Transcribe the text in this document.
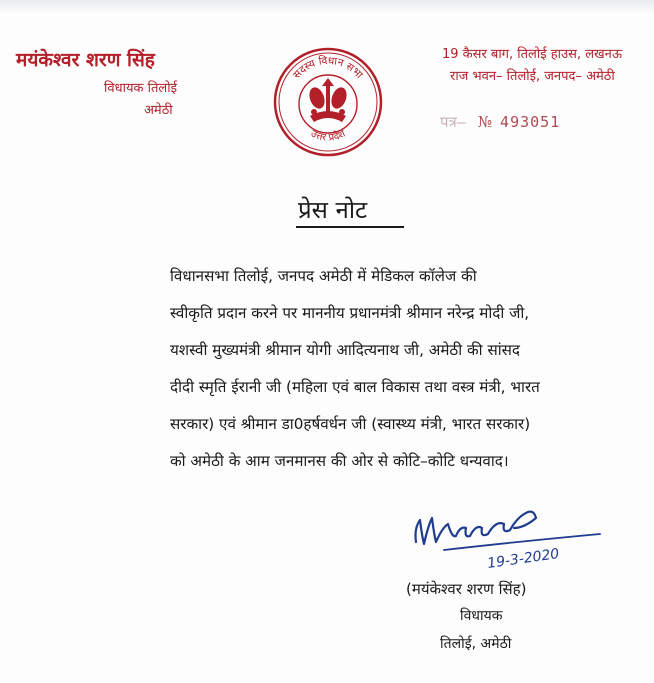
मयंकेश्वर शरण सिंह
विधायक तिलोई
अमेठी
19 कैसर बाग, तिलोई हाउस, लखनऊ
राज भवन– तिलोई, जनपद– अमेठी
पत्र– № 493051
सदस्य विधान सभा
उत्तर प्रदेश
प्रेस नोट
विधानसभा तिलोई, जनपद अमेठी में मेडिकल कॉलेज की
स्वीकृति प्रदान करने पर माननीय प्रधानमंत्री श्रीमान नरेन्द्र मोदी जी,
यशस्वी मुख्यमंत्री श्रीमान योगी आदित्यनाथ जी, अमेठी की सांसद
दीदी स्मृति ईरानी जी (महिला एवं बाल विकास तथा वस्त्र मंत्री, भारत
सरकार) एवं श्रीमान डा0हर्षवर्धन जी (स्वास्थ्य मंत्री, भारत सरकार)
को अमेठी के आम जनमानस की ओर से कोटि–कोटि धन्यवाद।
19-3-2020
(मयंकेश्वर शरण सिंह)
विधायक
तिलोई, अमेठी
